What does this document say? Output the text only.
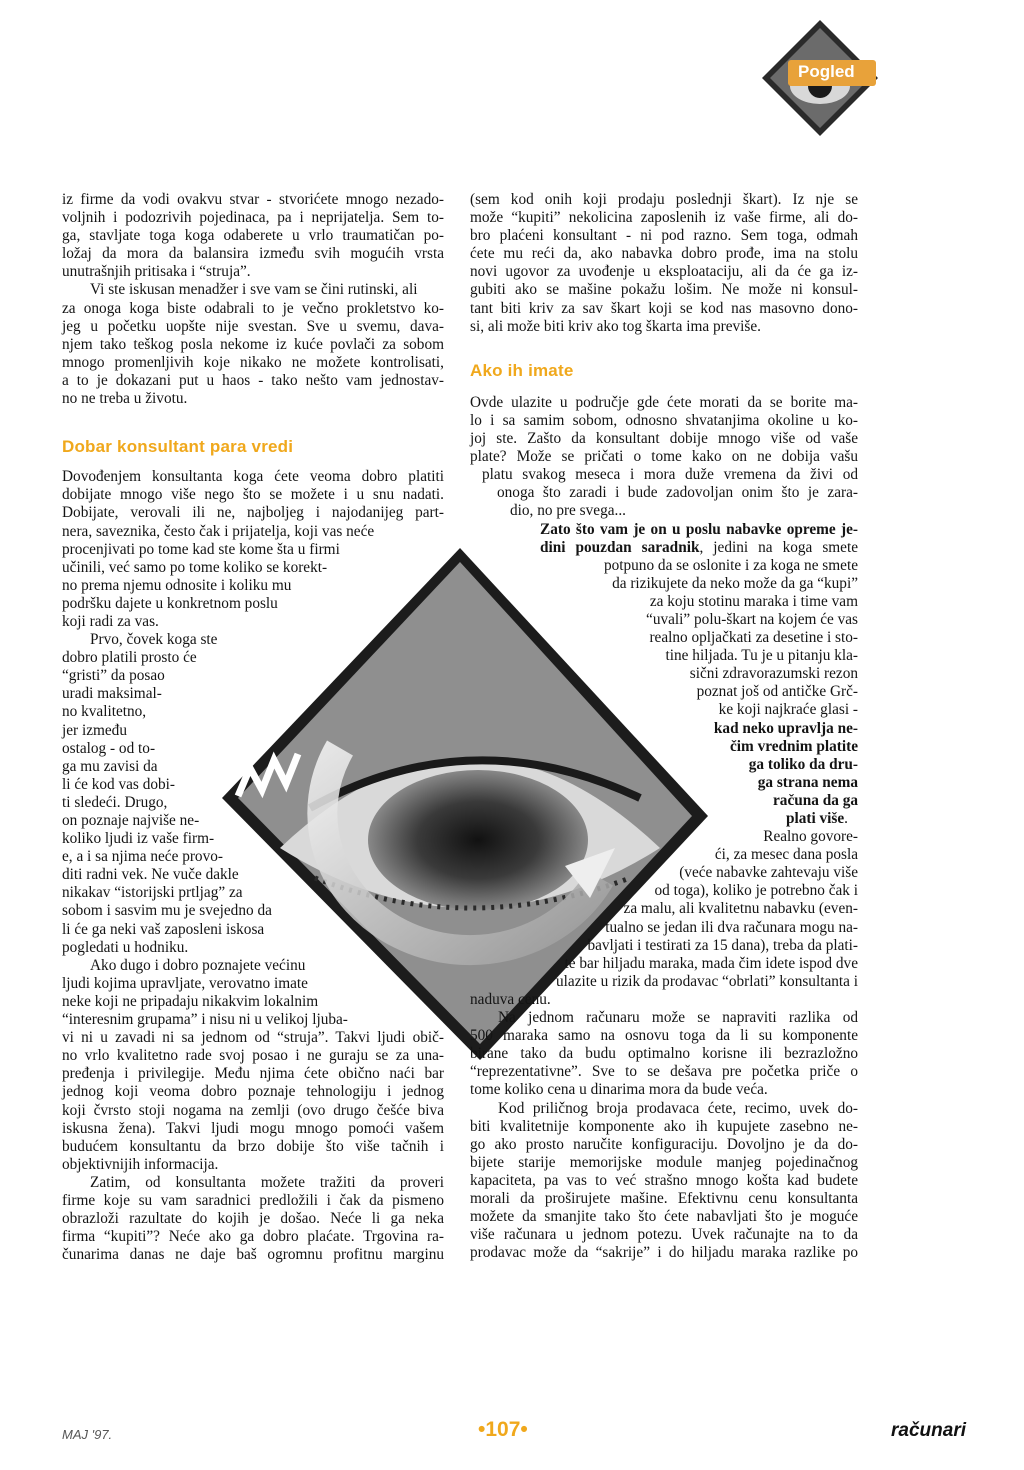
Pogled

iz firme da vodi ovakvu stvar - stvorićete mnogo nezado-
voljnih i podozrivih pojedinaca, pa i neprijatelja. Sem to-
ga, stavljate toga koga odaberete u vrlo traumatičan po-
ložaj da mora da balansira između svih mogućih vrsta
unutrašnjih pritisaka i “struja”.

Vi ste iskusan menadžer i sve vam se čini rutinski, ali
za onoga koga biste odabrali to je večno prokletstvo ko-
jeg u početku uopšte nije svestan. Sve u svemu, dava-
njem tako teškog posla nekome iz kuće povlači za sobom
mnogo promenljivih koje nikako ne možete kontrolisati,
a to je dokazani put u haos - tako nešto vam jednostav-
no ne treba u životu.

Dobar konsultant para vredi

Dovođenjem konsultanta koga ćete veoma dobro platiti
dobijate mnogo više nego što se možete i u snu nadati.
Dobijate, verovali ili ne, najboljeg i najodanijeg part-
nera, saveznika, često čak i prijatelja, koji vas neće
procenjivati po tome kad ste kome šta u firmi
učinili, već samo po tome koliko se korekt-
no prema njemu odnosite i koliku mu
podršku dajete u konkretnom poslu
koji radi za vas.

Prvo, čovek koga ste
dobro platili prosto će
“gristi” da posao
uradi maksimal-
no kvalitetno,
jer između
ostalog - od to-
ga mu zavisi da
li će kod vas dobi-
ti sledeći. Drugo,
on poznaje najviše ne-
koliko ljudi iz vaše firm-
e, a i sa njima neće provo-
diti radni vek. Ne vuče dakle
nikakav “istorijski prtljag” za
sobom i sasvim mu je svejedno da
li će ga neki vaš zaposleni iskosa
pogledati u hodniku.

Ako dugo i dobro poznajete većinu
ljudi kojima upravljate, verovatno imate
neke koji ne pripadaju nikakvim lokalnim
“interesnim grupama” i nisu ni u velikoj ljuba-
vi ni u zavadi ni sa jednom od “struja”. Takvi ljudi obič-
no vrlo kvalitetno rade svoj posao i ne guraju se za una-
pređenja i privilegije. Među njima ćete obično naći bar
jednog koji veoma dobro poznaje tehnologiju i jednog
koji čvrsto stoji nogama na zemlji (ovo drugo češće biva
iskusna žena). Takvi ljudi mogu mnogo pomoći vašem
budućem konsultantu da brzo dobije što više tačnih i
objektivnijih informacija.

Zatim, od konsultanta možete tražiti da proveri
firme koje su vam saradnici predložili i čak da pismeno
obrazloži razultate do kojih je došao. Neće li ga neka
firma “kupiti”? Neće ako ga dobro plaćate. Trgovina ra-
čunarima danas ne daje baš ogromnu profitnu marginu

(sem kod onih koji prodaju poslednji škart). Iz nje se
može “kupiti” nekolicina zaposlenih iz vaše firme, ali do-
bro plaćeni konsultant - ni pod razno. Sem toga, odmah
ćete mu reći da, ako nabavka dobro prođe, ima na stolu
novi ugovor za uvođenje u eksploataciju, ali da će ga iz-
gubiti ako se mašine pokažu lošim. Ne može ni konsul-
tant biti kriv za sav škart koji se kod nas masovno dono-
si, ali može biti kriv ako tog škarta ima previše.

Ako ih imate

Ovde ulazite u područje gde ćete morati da se borite ma-
lo i sa samim sobom, odnosno shvatanjima okoline u ko-
joj ste. Zašto da konsultant dobije mnogo više od vaše
plate? Može se pričati o tome kako on ne dobija vašu
platu svakog meseca i mora duže vremena da živi od
onoga što zaradi i bude zadovoljan onim što je zara-
dio, no pre svega...

Zato što vam je on u poslu nabavke opreme je-
dini pouzdan saradnik, jedini na koga smete
potpuno da se oslonite i za koga ne smete
da rizikujete da neko može da ga “kupi”
za koju stotinu maraka i time vam
“uvali” polu-škart na kojem će vas
realno opljačkati za desetine i sto-
tine hiljada. Tu je u pitanju kla-
sični zdravorazumski rezon
poznat još od antičke Grč-
ke koji najkraće glasi -
kad neko upravlja ne-
čim vrednim platite
ga toliko da dru-
ga strana nema
računa da ga
plati više.

Realno govore-
ći, za mesec dana posla
(veće nabavke zahtevaju više
od toga), koliko je potrebno čak i
za malu, ali kvalitetnu nabavku (even-
tualno se jedan ili dva računara mogu na-
bavljati i testirati za 15 dana), treba da plati-
te bar hiljadu maraka, mada čim idete ispod dve
ulazite u rizik da prodavac “obrlati” konsultanta i
naduva cenu.

Na jednom računaru može se napraviti razlika od
500 maraka samo na osnovu toga da li su komponente
birane tako da budu optimalno korisne ili bezrazložno
“reprezentativne”. Sve to se dešava pre početka priče o
tome koliko cena u dinarima mora da bude veća.

Kod priličnog broja prodavaca ćete, recimo, uvek do-
biti kvalitetnije komponente ako ih kupujete zasebno ne-
go ako prosto naručite konfiguraciju. Dovoljno je da do-
bijete starije memorijske module manjeg pojedinačnog
kapaciteta, pa vas to već strašno mnogo košta kad budete
morali da proširujete mašine. Efektivnu cenu konsultanta
možete da smanjite tako što ćete nabavljati što je moguće
više računara u jednom potezu. Uvek računajte na to da
prodavac može da “sakrije” i do hiljadu maraka razlike po

MAJ '97.	•107•	računari
